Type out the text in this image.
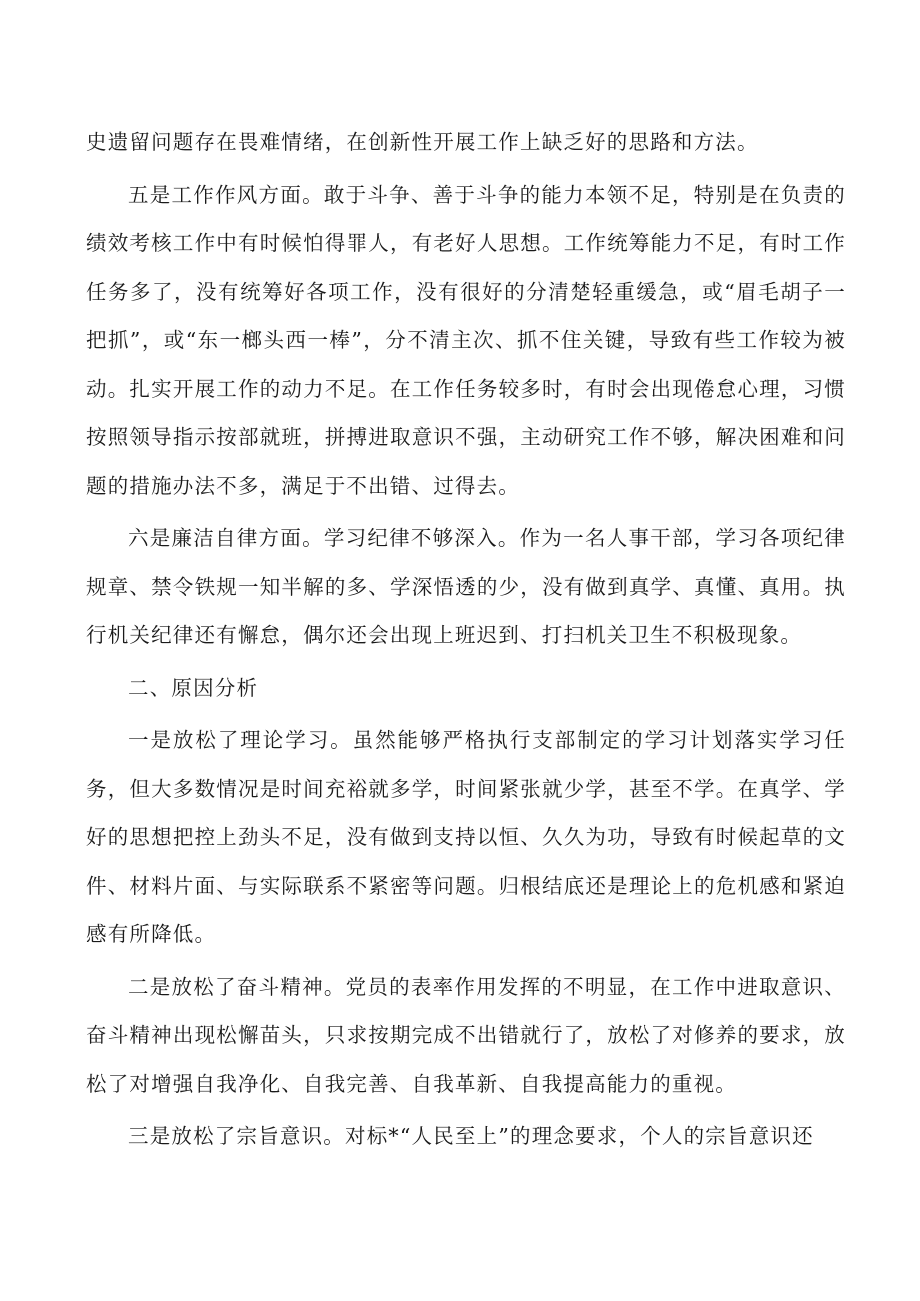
史遗留问题存在畏难情绪，在创新性开展工作上缺乏好的思路和方法。

五是工作作风方面。敢于斗争、善于斗争的能力本领不足，特别是在负责的绩效考核工作中有时候怕得罪人，有老好人思想。工作统筹能力不足，有时工作任务多了，没有统筹好各项工作，没有很好的分清楚轻重缓急，或“眉毛胡子一把抓”，或“东一榔头西一棒”，分不清主次、抓不住关键，导致有些工作较为被动。扎实开展工作的动力不足。在工作任务较多时，有时会出现倦怠心理，习惯按照领导指示按部就班，拼搏进取意识不强，主动研究工作不够，解决困难和问题的措施办法不多，满足于不出错、过得去。

六是廉洁自律方面。学习纪律不够深入。作为一名人事干部，学习各项纪律规章、禁令铁规一知半解的多、学深悟透的少，没有做到真学、真懂、真用。执行机关纪律还有懈怠，偶尔还会出现上班迟到、打扫机关卫生不积极现象。

二、原因分析

一是放松了理论学习。虽然能够严格执行支部制定的学习计划落实学习任务，但大多数情况是时间充裕就多学，时间紧张就少学，甚至不学。在真学、学好的思想把控上劲头不足，没有做到支持以恒、久久为功，导致有时候起草的文件、材料片面、与实际联系不紧密等问题。归根结底还是理论上的危机感和紧迫感有所降低。

二是放松了奋斗精神。党员的表率作用发挥的不明显，在工作中进取意识、奋斗精神出现松懈苗头，只求按期完成不出错就行了，放松了对修养的要求，放松了对增强自我净化、自我完善、自我革新、自我提高能力的重视。

三是放松了宗旨意识。对标*“人民至上”的理念要求，个人的宗旨意识还
